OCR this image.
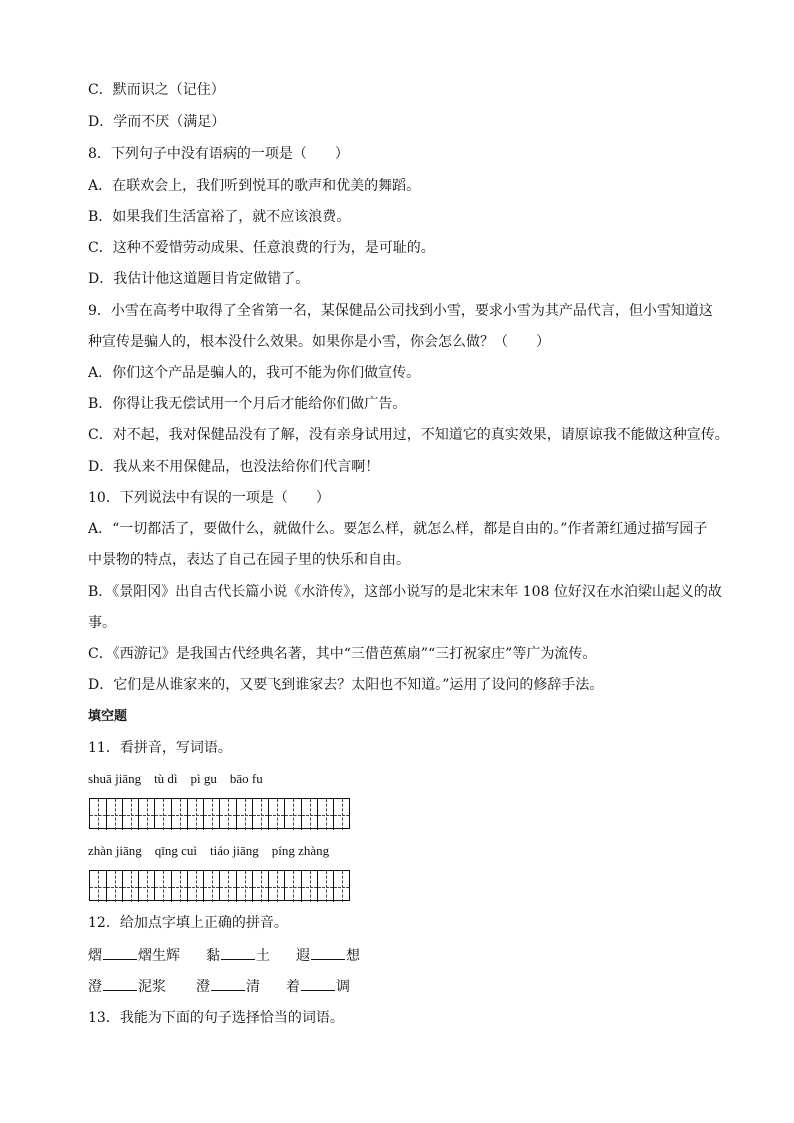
C．默而识之（记住）
D．学而不厌（满足）
8．下列句子中没有语病的一项是（　　）
A．在联欢会上，我们听到悦耳的歌声和优美的舞蹈。
B．如果我们生活富裕了，就不应该浪费。
C．这种不爱惜劳动成果、任意浪费的行为，是可耻的。
D．我估计他这道题目肯定做错了。
9．小雪在高考中取得了全省第一名，某保健品公司找到小雪，要求小雪为其产品代言，但小雪知道这
种宣传是骗人的，根本没什么效果。如果你是小雪，你会怎么做？（　　）
A．你们这个产品是骗人的，我可不能为你们做宣传。
B．你得让我无偿试用一个月后才能给你们做广告。
C．对不起，我对保健品没有了解，没有亲身试用过，不知道它的真实效果，请原谅我不能做这种宣传。
D．我从来不用保健品，也没法给你们代言啊！
10．下列说法中有误的一项是（　　）
A．“一切都活了，要做什么，就做什么。要怎么样，就怎么样，都是自由的。”作者萧红通过描写园子
中景物的特点，表达了自己在园子里的快乐和自由。
B．《景阳冈》出自古代长篇小说《水浒传》，这部小说写的是北宋末年 108 位好汉在水泊梁山起义的故
事。
C．《西游记》是我国古代经典名著，其中“三借芭蕉扇”“三打祝家庄”等广为流传。
D．它们是从谁家来的，又要飞到谁家去？太阳也不知道。”运用了设问的修辞手法。
填空题
11．看拼音，写词语。
shuā jiāng　tù dì　pì gu　bāo fu
zhàn jiāng　qīng cuì　tiáo jiāng　píng zhàng
12．给加点字填上正确的拼音。
熠	熠生辉 黏	土 遐	想
澄	泥浆 澄	清 着	调
13．我能为下面的句子选择恰当的词语。
